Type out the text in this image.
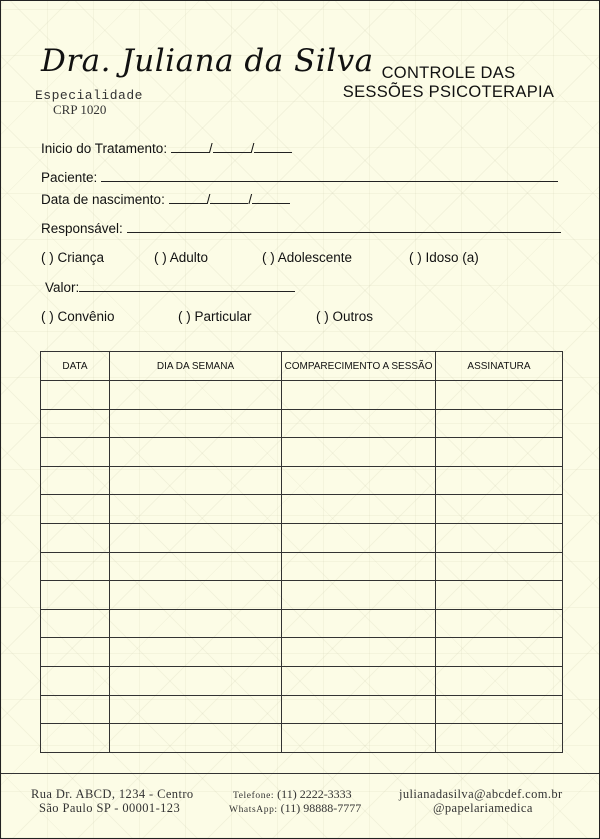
Dra. Juliana da Silva
Especialidade
CRP 1020
CONTROLE DAS
SESSÕES PSICOTERAPIA
Inicio do Tratamento:	/	/
Paciente:
Data de nascimento:	/	/
Responsável:
( ) Criança	( ) Adulto	( ) Adolescente	( ) Idoso (a)
Valor:
( ) Convênio	( ) Particular	( ) Outros
DATA	DIA DA SEMANA	COMPARECIMENTO A SESSÃO	ASSINATURA

Rua Dr. ABCD, 1234 - Centro
São Paulo SP - 00001-123
Telefone: (11) 2222-3333
WhatsApp: (11) 98888-7777
julianadasilva@abcdef.com.br
@papelariamedica
